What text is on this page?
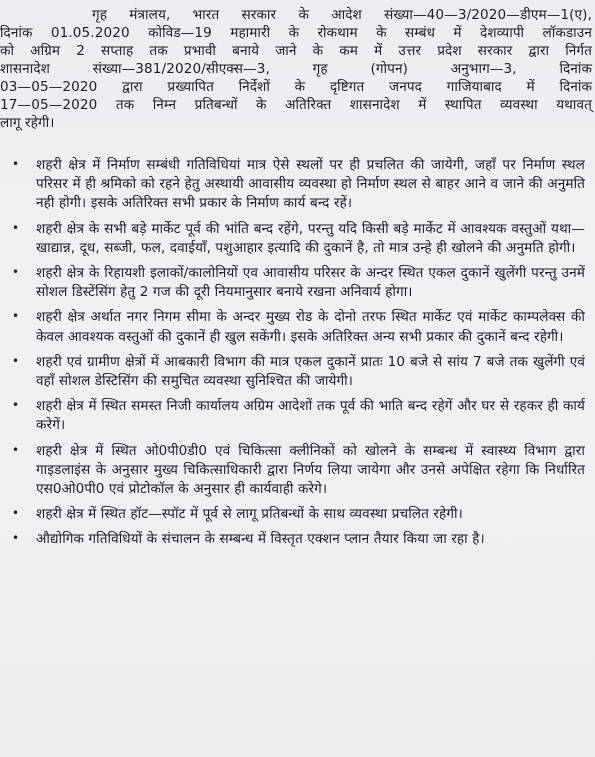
गृह मंत्रालय, भारत सरकार के आदेश संख्या—40—3/2020—डीएम—1(ए),
दिनांक 01.05.2020 कोविड—19 महामारी के रोकथाम के सम्बंध में देशव्यापी लॉकडाउन
को अग्रिम 2 सप्ताह तक प्रभावी बनाये जाने के कम में उत्तर प्रदेश सरकार द्वारा निर्गत
शासनादेश संख्या—381/2020/सीएक्स—3, गृह (गोपन) अनुभाग—3, दिनांक
03—05—2020 द्वारा प्रख्यापित निर्देशों के दृष्टिगत जनपद गाजियाबाद में दिनांक
17—05—2020 तक निम्न प्रतिबन्धों के अतिरिक्त शासनादेश में स्थापित व्यवस्था यथावत्
लागू रहेगी।
• शहरी क्षेत्र में निर्माण सम्बंधी गतिविधियां मात्र ऐसे स्थलों पर ही प्रचलित की जायेगी, जहाँ पर निर्माण स्थल परिसर में ही श्रमिको को रहने हेतु अस्थायी आवासीय व्यवस्था हो निर्माण स्थल से बाहर आने व जाने की अनुमति नही होगी। इसके अतिरिक्त सभी प्रकार के निर्माण कार्य बन्द रहें।
• शहरी क्षेत्र के सभी बड़े मार्केट पूर्व की भांति बन्द रहेंगे, परन्तु यदि किसी बड़े मार्केट में आवश्यक वस्तुओं यथा—खाद्यान्न, दूध, सब्जी, फल, दवाईयाँ, पशुआहार इत्यादि की दुकानें है, तो मात्र उन्हे ही खोलने की अनुमति होगी।
• शहरी क्षेत्र के रिहायशी इलाकों/कालोनियों एव आवासीय परिसर के अन्दर स्थित एकल दुकानें खुलेंगी परन्तु उनमें सोशल डिस्टेंसिंग हेतु 2 गज की दूरी नियमानुसार बनाये रखना अनिवार्य होगा।
• शहरी क्षेत्र अर्थात नगर निगम सीमा के अन्दर मुख्य रोड के दोनो तरफ स्थित मार्केट एवं मार्केट काम्पलेक्स की केवल आवश्यक वस्तुओं की दुकानें ही खुल सकेंगी। इसके अतिरिक्त अन्य सभी प्रकार की दुकानें बन्द रहेगी।
• शहरी एवं ग्रामीण क्षेत्रों में आबकारी विभाग की मात्र एकल दुकानें प्रातः 10 बजे से सांय 7 बजे तक खुलेंगी एवं वहाँ सोशल डेस्टिसिंग की समुचित व्यवस्था सुनिश्चित की जायेगी।
• शहरी क्षेत्र में स्थित समस्त निजी कार्यालय अग्रिम आदेशों तक पूर्व की भाति बन्द रहेगें और घर से रहकर ही कार्य करेगें।
• शहरी क्षेत्र में स्थित ओ0पी0डी0 एवं चिकित्सा क्लीनिकों को खोलने के सम्बन्ध में स्वास्थ्य विभाग द्वारा गाइडलाइंस के अनुसार मुख्य चिकित्साधिकारी द्वारा निर्णय लिया जायेगा और उनसे अपेक्षित रहेगा कि निर्धारित एस0ओ0पी0 एवं प्रोटोकॉल के अनुसार ही कार्यवाही करेगे।
• शहरी क्षेत्र में स्थित हॉट—स्पॉट में पूर्व से लागू प्रतिबन्धों के साथ व्यवस्था प्रचलित रहेगी।
• औद्योगिक गतिविधियों के संचालन के सम्बन्ध में विस्तृत एक्शन प्लान तैयार किया जा रहा है।
